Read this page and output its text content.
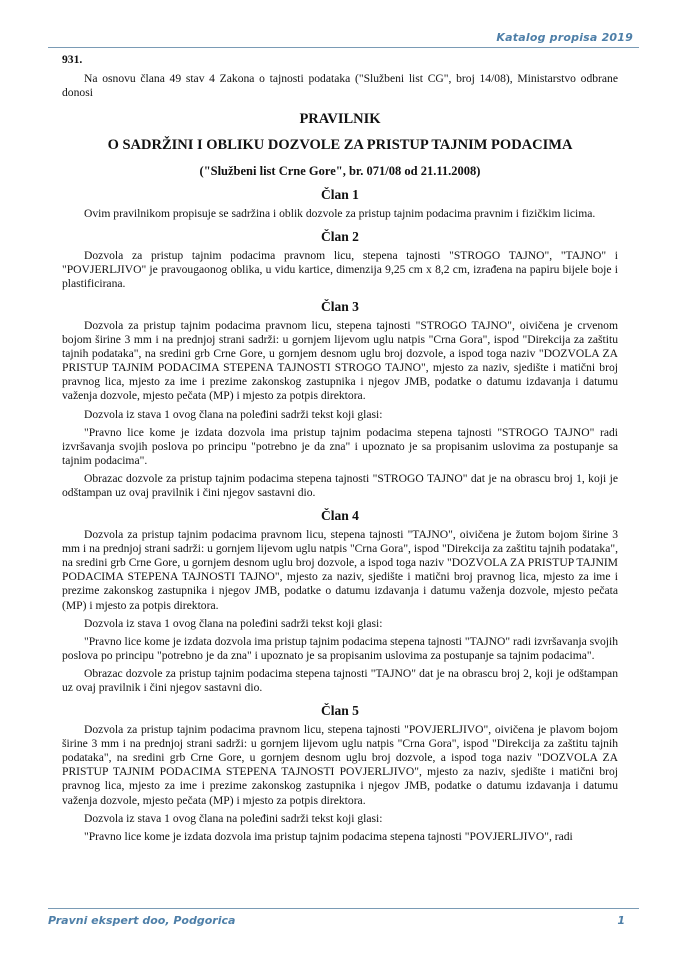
Katalog propisa 2019
931.

Na osnovu člana 49 stav 4 Zakona o tajnosti podataka ("Službeni list CG", broj 14/08), Ministarstvo odbrane donosi

PRAVILNIK

O SADRŽINI I OBLIKU DOZVOLE ZA PRISTUP TAJNIM PODACIMA

("Službeni list Crne Gore", br. 071/08 od 21.11.2008)

Član 1

Ovim pravilnikom propisuje se sadržina i oblik dozvole za pristup tajnim podacima pravnim i fizičkim licima.

Član 2

Dozvola za pristup tajnim podacima pravnom licu, stepena tajnosti "STROGO TAJNO", "TAJNO" i "POVJERLJIVO" je pravougaonog oblika, u vidu kartice, dimenzija 9,25 cm x 8,2 cm, izrađena na papiru bijele boje i plastificirana.

Član 3

Dozvola za pristup tajnim podacima pravnom licu, stepena tajnosti "STROGO TAJNO", oivičena je crvenom bojom širine 3 mm i na prednjoj strani sadrži: u gornjem lijevom uglu natpis "Crna Gora", ispod "Direkcija za zaštitu tajnih podataka", na sredini grb Crne Gore, u gornjem desnom uglu broj dozvole, a ispod toga naziv "DOZVOLA ZA PRISTUP TAJNIM PODACIMA STEPENA TAJNOSTI STROGO TAJNO", mjesto za naziv, sjedište i matični broj pravnog lica, mjesto za ime i prezime zakonskog zastupnika i njegov JMB, podatke o datumu izdavanja i datumu važenja dozvole, mjesto pečata (MP) i mjesto za potpis direktora.

Dozvola iz stava 1 ovog člana na poleđini sadrži tekst koji glasi:

"Pravno lice kome je izdata dozvola ima pristup tajnim podacima stepena tajnosti "STROGO TAJNO" radi izvršavanja svojih poslova po principu "potrebno je da zna" i upoznato je sa propisanim uslovima za postupanje sa tajnim podacima".

Obrazac dozvole za pristup tajnim podacima stepena tajnosti "STROGO TAJNO" dat je na obrascu broj 1, koji je odštampan uz ovaj pravilnik i čini njegov sastavni dio.

Član 4

Dozvola za pristup tajnim podacima pravnom licu, stepena tajnosti "TAJNO", oivičena je žutom bojom širine 3 mm i na prednjoj strani sadrži: u gornjem lijevom uglu natpis "Crna Gora", ispod "Direkcija za zaštitu tajnih podataka", na sredini grb Crne Gore, u gornjem desnom uglu broj dozvole, a ispod toga naziv "DOZVOLA ZA PRISTUP TAJNIM PODACIMA STEPENA TAJNOSTI TAJNO", mjesto za naziv, sjedište i matični broj pravnog lica, mjesto za ime i prezime zakonskog zastupnika i njegov JMB, podatke o datumu izdavanja i datumu važenja dozvole, mjesto pečata (MP) i mjesto za potpis direktora.

Dozvola iz stava 1 ovog člana na poleđini sadrži tekst koji glasi:

"Pravno lice kome je izdata dozvola ima pristup tajnim podacima stepena tajnosti "TAJNO" radi izvršavanja svojih poslova po principu "potrebno je da zna" i upoznato je sa propisanim uslovima za postupanje sa tajnim podacima".

Obrazac dozvole za pristup tajnim podacima stepena tajnosti "TAJNO" dat je na obrascu broj 2, koji je odštampan uz ovaj pravilnik i čini njegov sastavni dio.

Član 5

Dozvola za pristup tajnim podacima pravnom licu, stepena tajnosti "POVJERLJIVO", oivičena je plavom bojom širine 3 mm i na prednjoj strani sadrži: u gornjem lijevom uglu natpis "Crna Gora", ispod "Direkcija za zaštitu tajnih podataka", na sredini grb Crne Gore, u gornjem desnom uglu broj dozvole, a ispod toga naziv "DOZVOLA ZA PRISTUP TAJNIM PODACIMA STEPENA TAJNOSTI POVJERLJIVO", mjesto za naziv, sjedište i matični broj pravnog lica, mjesto za ime i prezime zakonskog zastupnika i njegov JMB, podatke o datumu izdavanja i datumu važenja dozvole, mjesto pečata (MP) i mjesto za potpis direktora.

Dozvola iz stava 1 ovog člana na poleđini sadrži tekst koji glasi:

"Pravno lice kome je izdata dozvola ima pristup tajnim podacima stepena tajnosti "POVJERLJIVO", radi

Pravni ekspert doo, Podgorica	1
